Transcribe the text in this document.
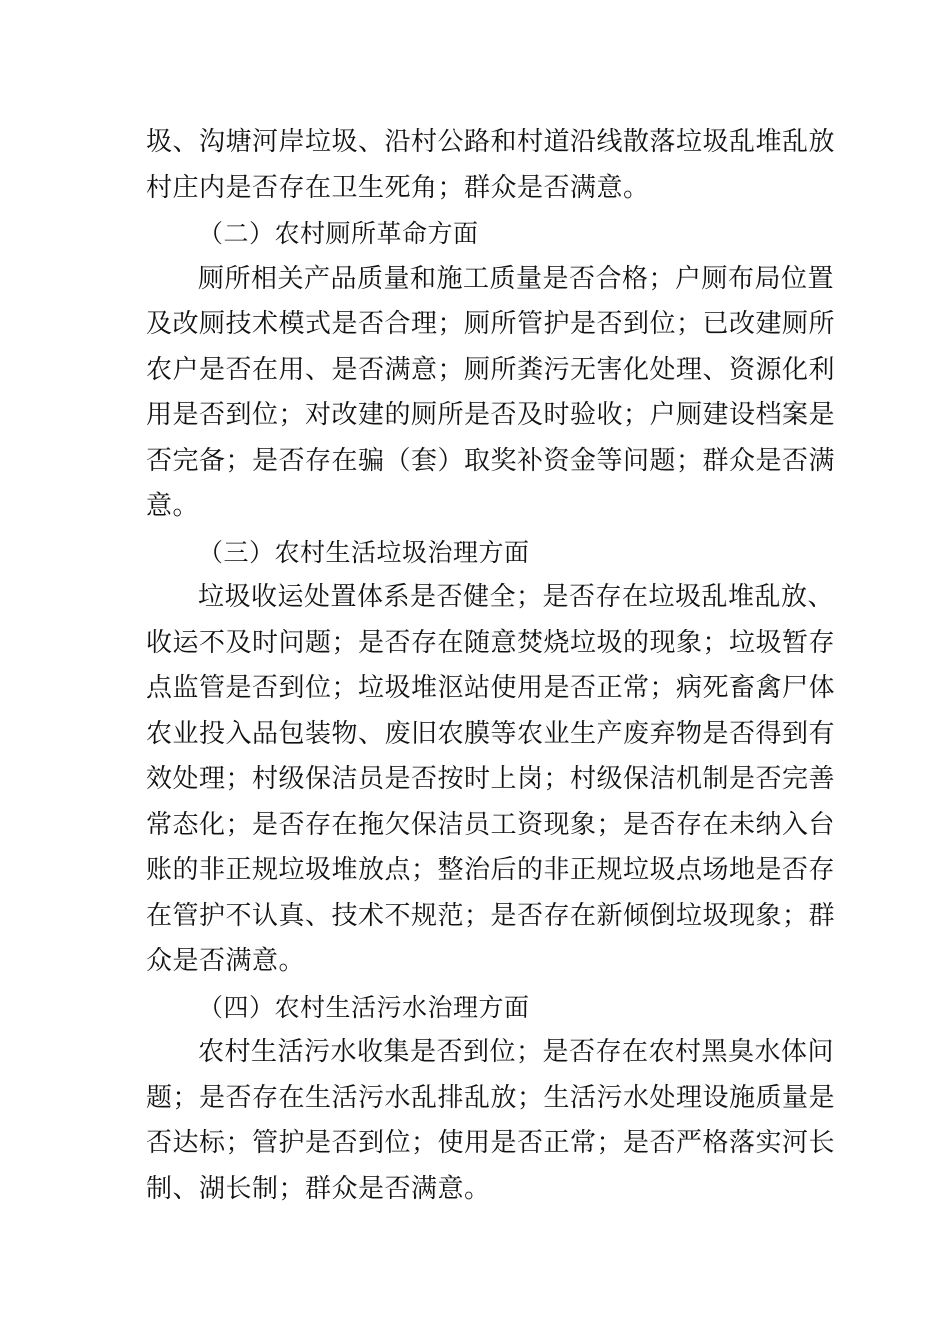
圾、沟塘河岸垃圾、沿村公路和村道沿线散落垃圾乱堆乱放
村庄内是否存在卫生死角；群众是否满意。
（二）农村厕所革命方面
厕所相关产品质量和施工质量是否合格；户厕布局位置
及改厕技术模式是否合理；厕所管护是否到位；已改建厕所
农户是否在用、是否满意；厕所粪污无害化处理、资源化利
用是否到位；对改建的厕所是否及时验收；户厕建设档案是
否完备；是否存在骗（套）取奖补资金等问题；群众是否满
意。
（三）农村生活垃圾治理方面
垃圾收运处置体系是否健全；是否存在垃圾乱堆乱放、
收运不及时问题；是否存在随意焚烧垃圾的现象；垃圾暂存
点监管是否到位；垃圾堆沤站使用是否正常；病死畜禽尸体
农业投入品包装物、废旧农膜等农业生产废弃物是否得到有
效处理；村级保洁员是否按时上岗；村级保洁机制是否完善
常态化；是否存在拖欠保洁员工资现象；是否存在未纳入台
账的非正规垃圾堆放点；整治后的非正规垃圾点场地是否存
在管护不认真、技术不规范；是否存在新倾倒垃圾现象；群
众是否满意。
（四）农村生活污水治理方面
农村生活污水收集是否到位；是否存在农村黑臭水体问
题；是否存在生活污水乱排乱放；生活污水处理设施质量是
否达标；管护是否到位；使用是否正常；是否严格落实河长
制、湖长制；群众是否满意。
